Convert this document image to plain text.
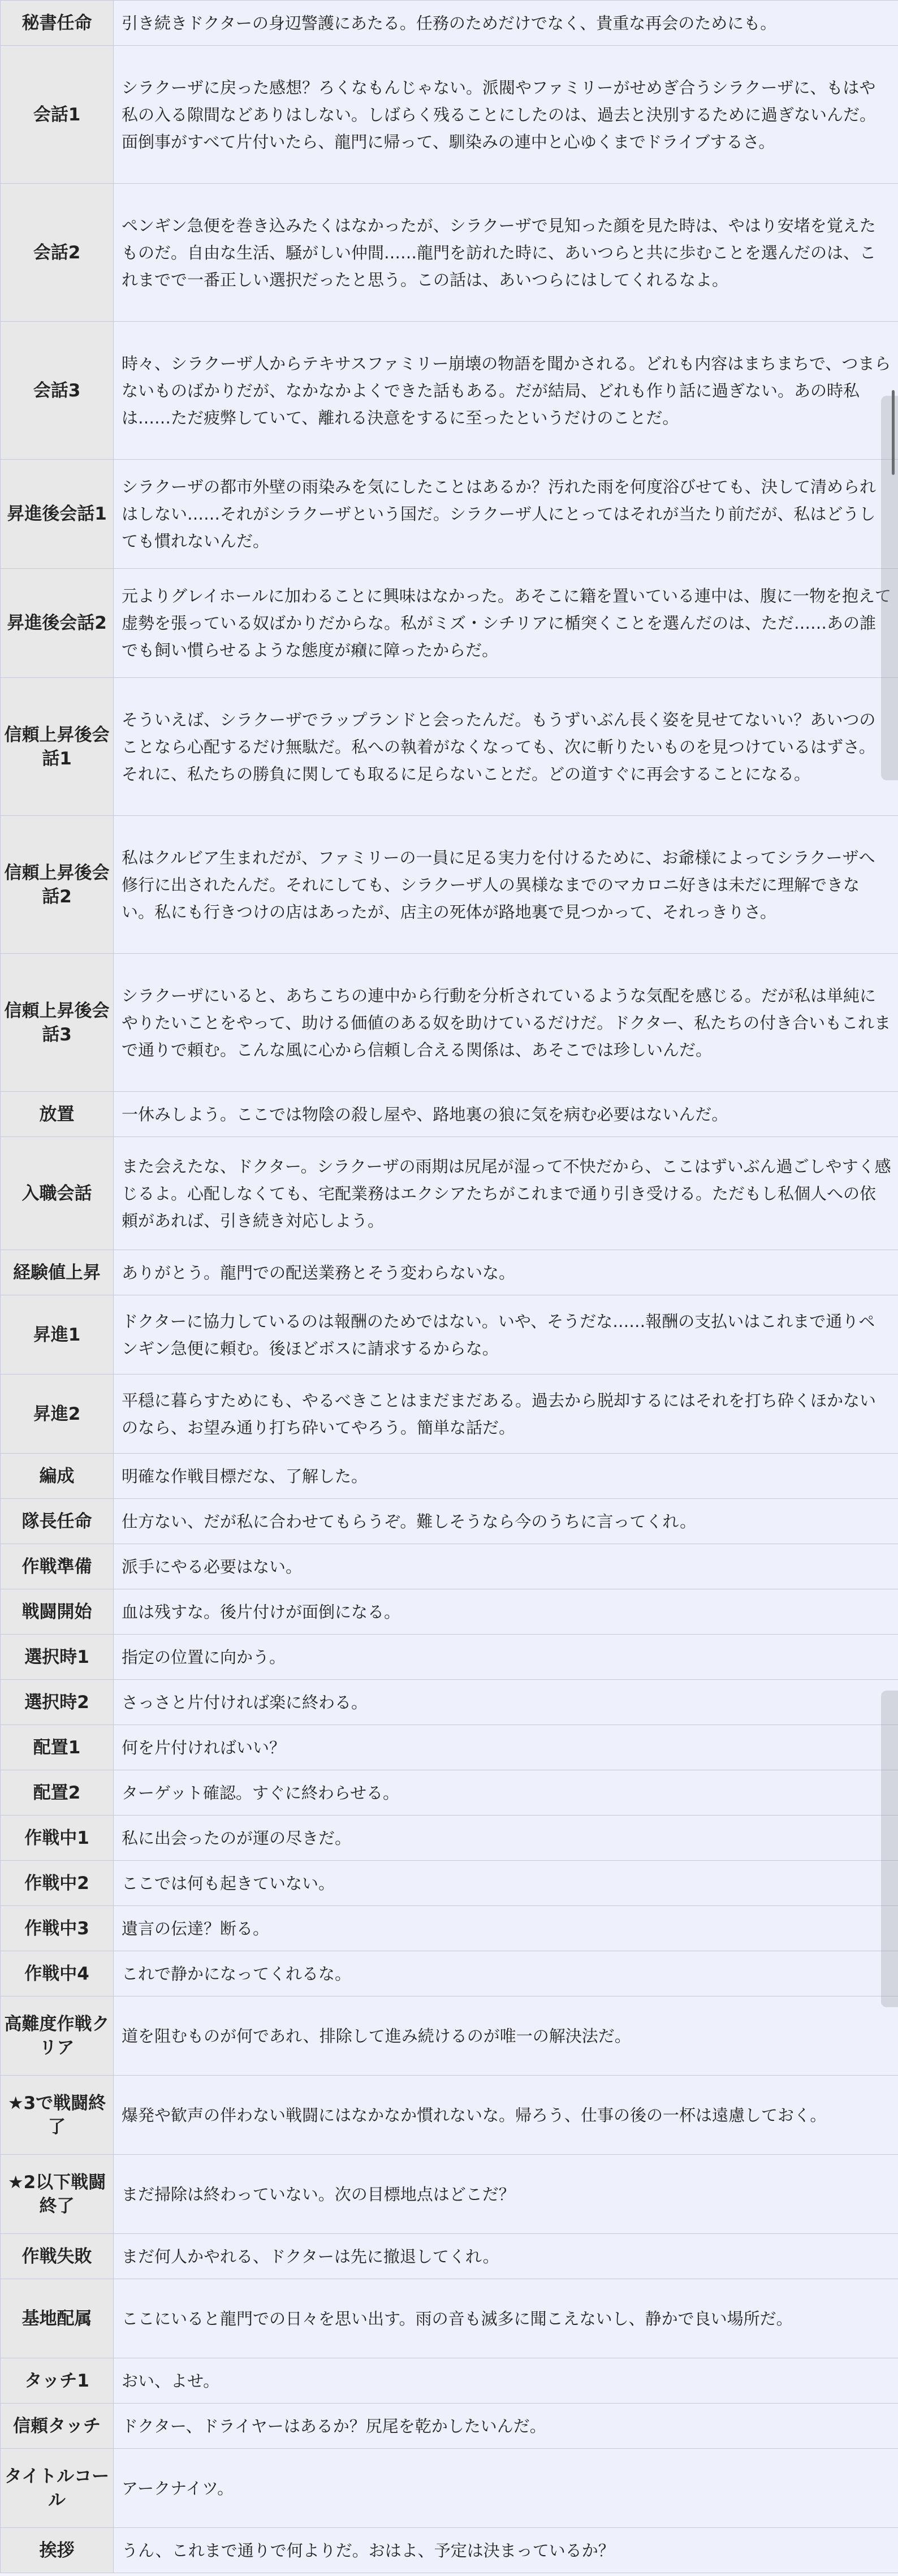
秘書任命	引き続きドクターの身辺警護にあたる。任務のためだけでなく、貴重な再会のためにも。
会話1	シラクーザに戻った感想？ろくなもんじゃない。派閥やファミリーがせめぎ合うシラクーザに、もはや私の入る隙間などありはしない。しばらく残ることにしたのは、過去と決別するために過ぎないんだ。面倒事がすべて片付いたら、龍門に帰って、馴染みの連中と心ゆくまでドライブするさ。
会話2	ペンギン急便を巻き込みたくはなかったが、シラクーザで見知った顔を見た時は、やはり安堵を覚えたものだ。自由な生活、騒がしい仲間……龍門を訪れた時に、あいつらと共に歩むことを選んだのは、これまでで一番正しい選択だったと思う。この話は、あいつらにはしてくれるなよ。
会話3	時々、シラクーザ人からテキサスファミリー崩壊の物語を聞かされる。どれも内容はまちまちで、つまらないものばかりだが、なかなかよくできた話もある。だが結局、どれも作り話に過ぎない。あの時私は……ただ疲弊していて、離れる決意をするに至ったというだけのことだ。
昇進後会話1	シラクーザの都市外壁の雨染みを気にしたことはあるか？汚れた雨を何度浴びせても、決して清められはしない……それがシラクーザという国だ。シラクーザ人にとってはそれが当たり前だが、私はどうしても慣れないんだ。
昇進後会話2	元よりグレイホールに加わることに興味はなかった。あそこに籍を置いている連中は、腹に一物を抱えて虚勢を張っている奴ばかりだからな。私がミズ・シチリアに楯突くことを選んだのは、ただ……あの誰でも飼い慣らせるような態度が癪に障ったからだ。
信頼上昇後会話1	そういえば、シラクーザでラップランドと会ったんだ。もうずいぶん長く姿を見せてないい？あいつのことなら心配するだけ無駄だ。私への執着がなくなっても、次に斬りたいものを見つけているはずさ。それに、私たちの勝負に関しても取るに足らないことだ。どの道すぐに再会することになる。
信頼上昇後会話2	私はクルビア生まれだが、ファミリーの一員に足る実力を付けるために、お爺様によってシラクーザへ修行に出されたんだ。それにしても、シラクーザ人の異様なまでのマカロニ好きは未だに理解できない。私にも行きつけの店はあったが、店主の死体が路地裏で見つかって、それっきりさ。
信頼上昇後会話3	シラクーザにいると、あちこちの連中から行動を分析されているような気配を感じる。だが私は単純にやりたいことをやって、助ける価値のある奴を助けているだけだ。ドクター、私たちの付き合いもこれまで通りで頼む。こんな風に心から信頼し合える関係は、あそこでは珍しいんだ。
放置	一休みしよう。ここでは物陰の殺し屋や、路地裏の狼に気を病む必要はないんだ。
入職会話	また会えたな、ドクター。シラクーザの雨期は尻尾が湿って不快だから、ここはずいぶん過ごしやすく感じるよ。心配しなくても、宅配業務はエクシアたちがこれまで通り引き受ける。ただもし私個人への依頼があれば、引き続き対応しよう。
経験値上昇	ありがとう。龍門での配送業務とそう変わらないな。
昇進1	ドクターに協力しているのは報酬のためではない。いや、そうだな……報酬の支払いはこれまで通りペンギン急便に頼む。後ほどボスに請求するからな。
昇進2	平穏に暮らすためにも、やるべきことはまだまだある。過去から脱却するにはそれを打ち砕くほかないのなら、お望み通り打ち砕いてやろう。簡単な話だ。
編成	明確な作戦目標だな、了解した。
隊長任命	仕方ない、だが私に合わせてもらうぞ。難しそうなら今のうちに言ってくれ。
作戦準備	派手にやる必要はない。
戦闘開始	血は残すな。後片付けが面倒になる。
選択時1	指定の位置に向かう。
選択時2	さっさと片付ければ楽に終わる。
配置1	何を片付ければいい？
配置2	ターゲット確認。すぐに終わらせる。
作戦中1	私に出会ったのが運の尽きだ。
作戦中2	ここでは何も起きていない。
作戦中3	遺言の伝達？断る。
作戦中4	これで静かになってくれるな。
高難度作戦クリア	道を阻むものが何であれ、排除して進み続けるのが唯一の解決法だ。
★3で戦闘終了	爆発や歓声の伴わない戦闘にはなかなか慣れないな。帰ろう、仕事の後の一杯は遠慮しておく。
★2以下戦闘終了	まだ掃除は終わっていない。次の目標地点はどこだ？
作戦失敗	まだ何人かやれる、ドクターは先に撤退してくれ。
基地配属	ここにいると龍門での日々を思い出す。雨の音も滅多に聞こえないし、静かで良い場所だ。
タッチ1	おい、よせ。
信頼タッチ	ドクター、ドライヤーはあるか？尻尾を乾かしたいんだ。
タイトルコール	アークナイツ。
挨拶	うん、これまで通りで何よりだ。おはよ、予定は決まっているか？
